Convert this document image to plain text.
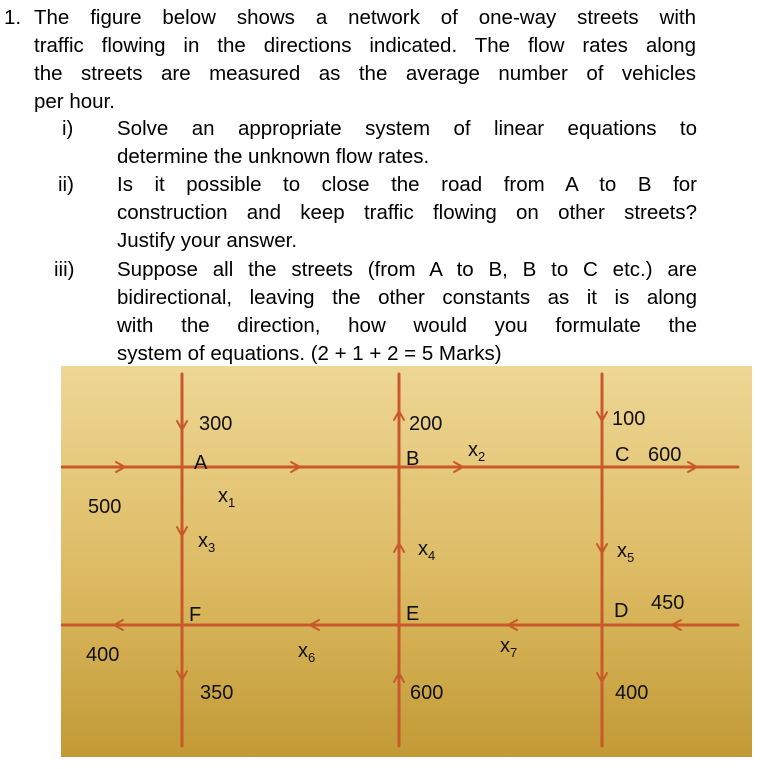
1. The figure below shows a network of one-way streets with
traffic flowing in the directions indicated. The flow rates along
the streets are measured as the average number of vehicles
per hour.
i) Solve an appropriate system of linear equations to
determine the unknown flow rates.
ii) Is it possible to close the road from A to B for
construction and keep traffic flowing on other streets?
Justify your answer.
iii) Suppose all the streets (from A to B, B to C etc.) are
bidirectional, leaving the other constants as it is along
with the direction, how would you formulate the
system of equations. (2 + 1 + 2 = 5 Marks)
A	B	C
F	E	D
300	200	100
600
500
400
450
350	600	400
$x_1$
$x_2$
$x_3$	$x_4$	$x_5$
$x_6$
$x_7$
